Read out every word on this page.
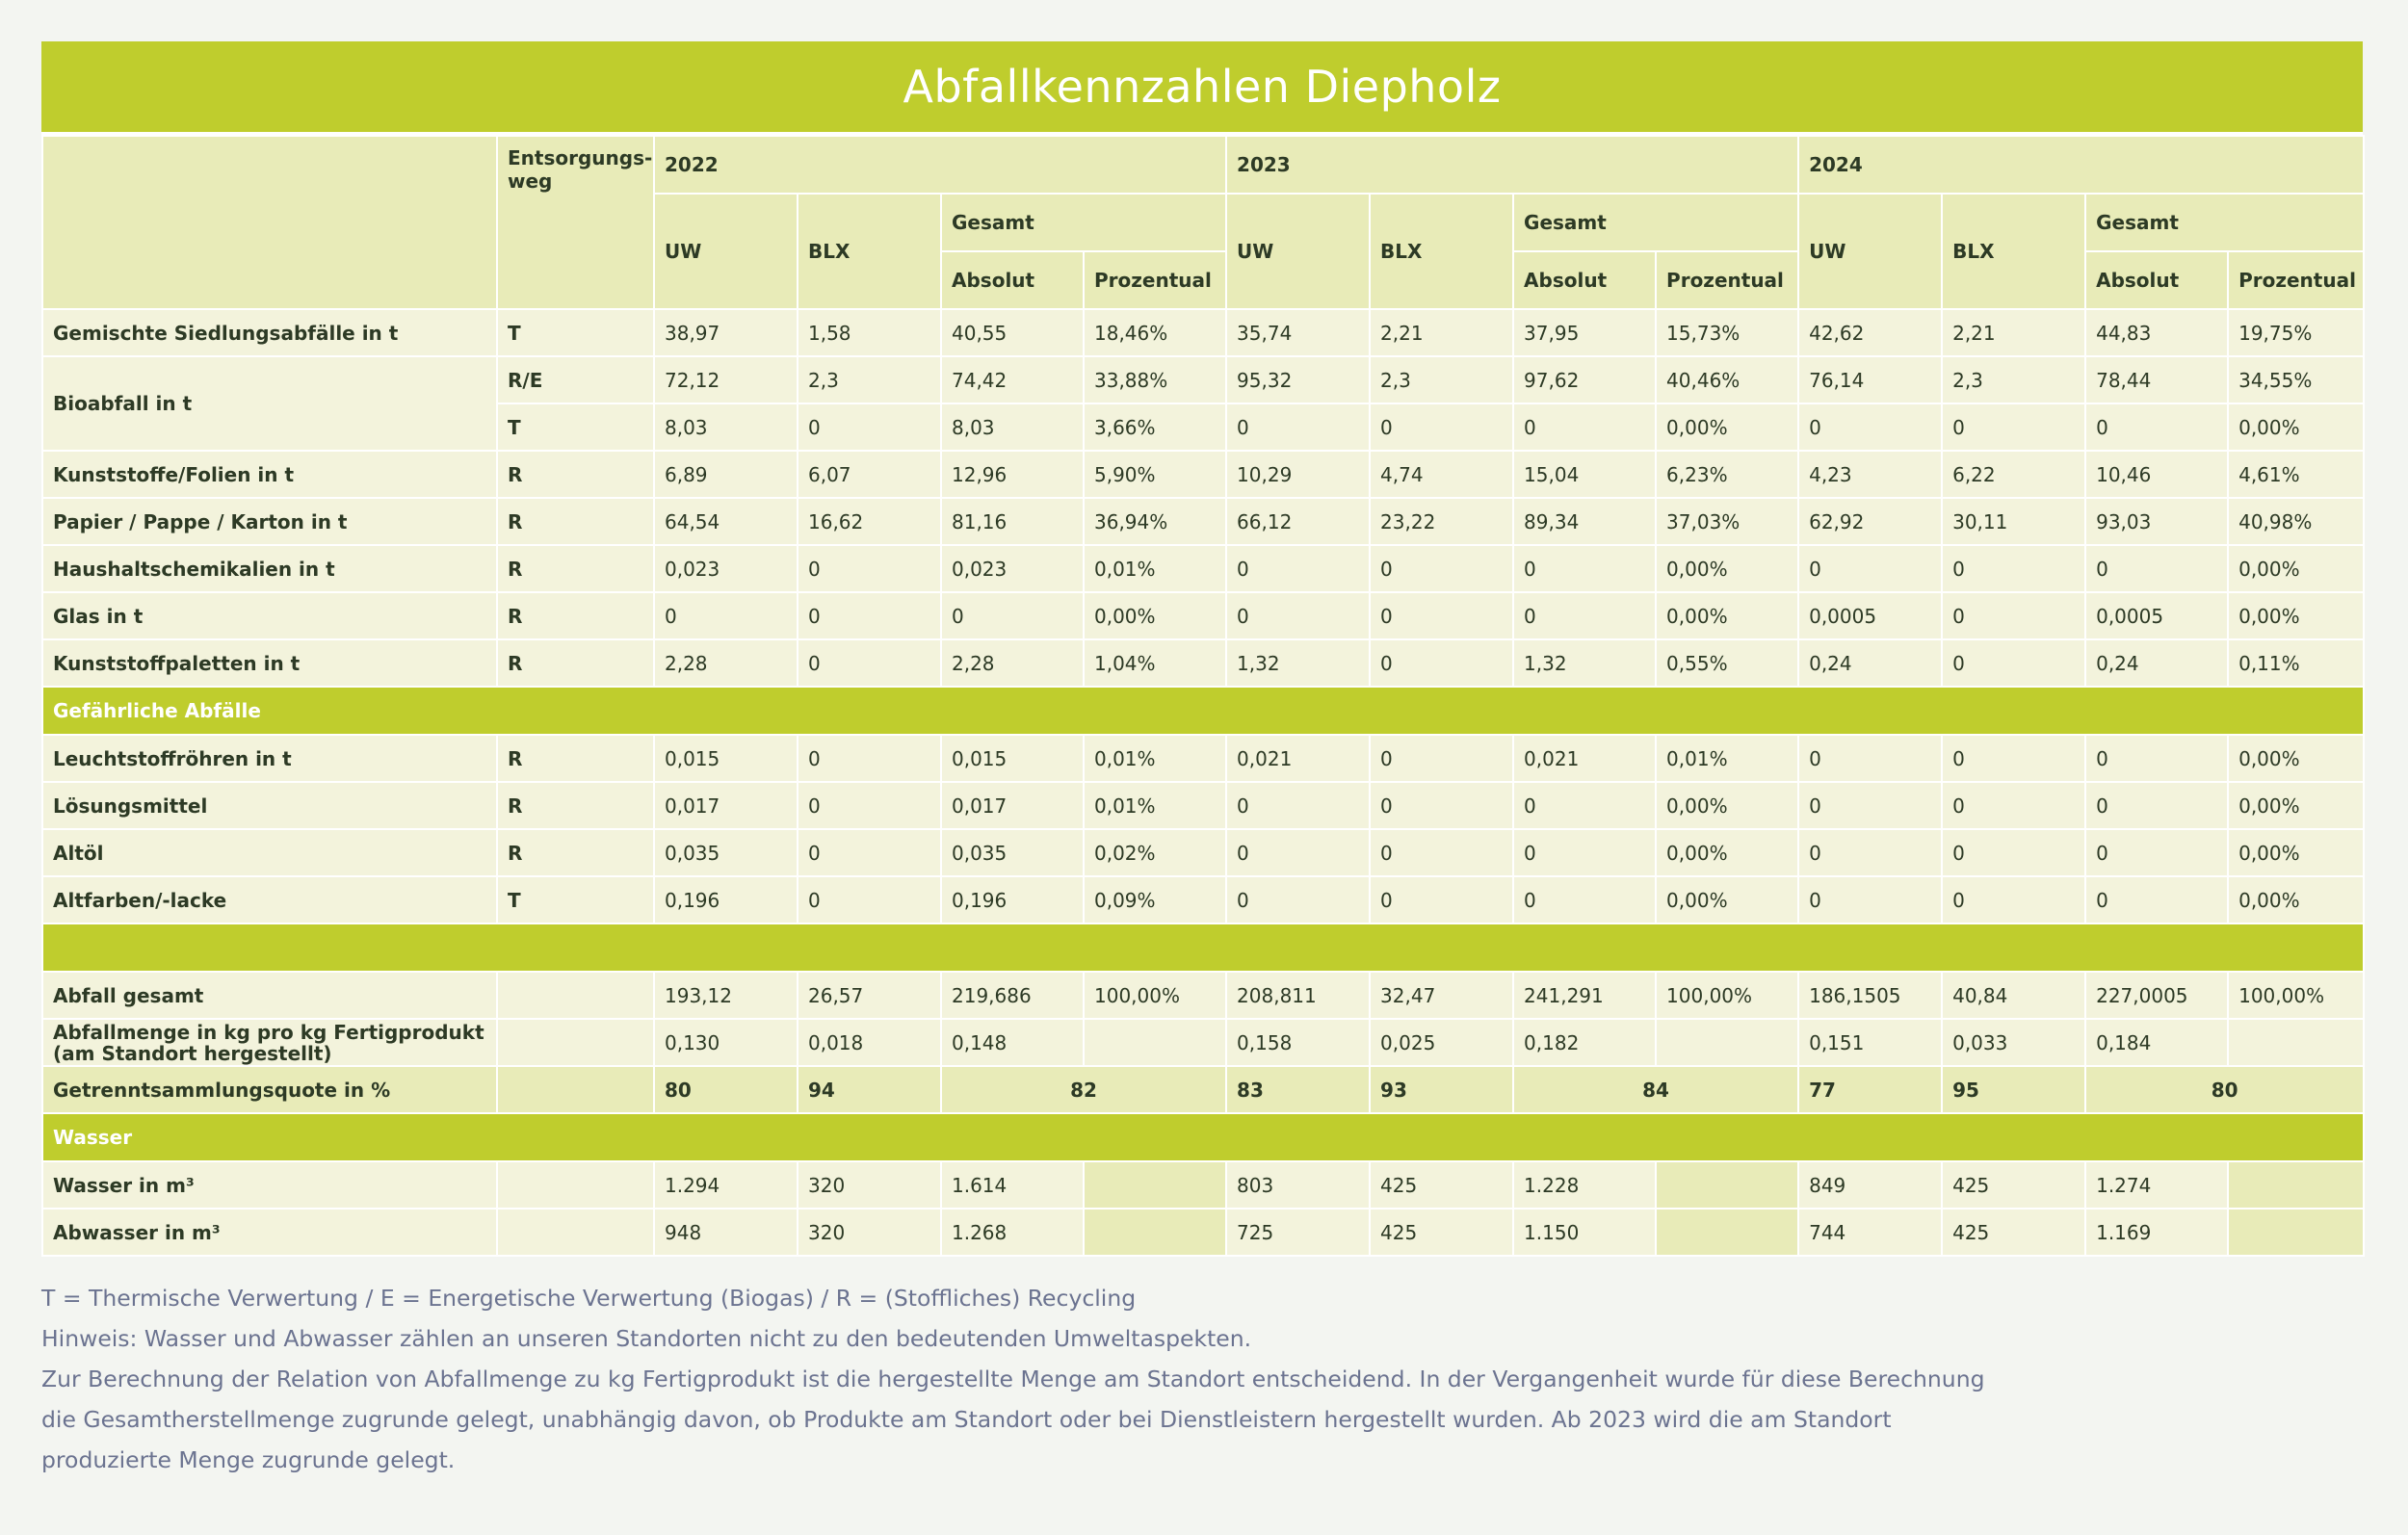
Abfallkennzahlen Diepholz
	Entsorgungs-weg	2022				2023				2024			
		UW	BLX	Gesamt		UW	BLX	Gesamt		UW	BLX	Gesamt	
				Absolut	Prozentual			Absolut	Prozentual			Absolut	Prozentual
Gemischte Siedlungsabfälle in t	T	38,97	1,58	40,55	18,46%	35,74	2,21	37,95	15,73%	42,62	2,21	44,83	19,75%
Bioabfall in t	R/E	72,12	2,3	74,42	33,88%	95,32	2,3	97,62	40,46%	76,14	2,3	78,44	34,55%
	T	8,03	0	8,03	3,66%	0	0	0	0,00%	0	0	0	0,00%
Kunststoffe/Folien in t	R	6,89	6,07	12,96	5,90%	10,29	4,74	15,04	6,23%	4,23	6,22	10,46	4,61%
Papier / Pappe / Karton in t	R	64,54	16,62	81,16	36,94%	66,12	23,22	89,34	37,03%	62,92	30,11	93,03	40,98%
Haushaltschemikalien in t	R	0,023	0	0,023	0,01%	0	0	0	0,00%	0	0	0	0,00%
Glas in t	R	0	0	0	0,00%	0	0	0	0,00%	0,0005	0	0,0005	0,00%
Kunststoffpaletten in t	R	2,28	0	2,28	1,04%	1,32	0	1,32	0,55%	0,24	0	0,24	0,11%
Gefährliche Abfälle													
Leuchtstoffröhren in t	R	0,015	0	0,015	0,01%	0,021	0	0,021	0,01%	0	0	0	0,00%
Lösungsmittel	R	0,017	0	0,017	0,01%	0	0	0	0,00%	0	0	0	0,00%
Altöl	R	0,035	0	0,035	0,02%	0	0	0	0,00%	0	0	0	0,00%
Altfarben/-lacke	T	0,196	0	0,196	0,09%	0	0	0	0,00%	0	0	0	0,00%

Abfall gesamt		193,12	26,57	219,686	100,00%	208,811	32,47	241,291	100,00%	186,1505	40,84	227,0005	100,00%
Abfallmenge in kg pro kg Fertigprodukt
(am Standort hergestellt)		0,130	0,018	0,148		0,158	0,025	0,182		0,151	0,033	0,184	
Getrenntsammlungsquote in %		80	94	82		83	93	84		77	95	80	
Wasser													
Wasser in m³		1.294	320	1.614		803	425	1.228		849	425	1.274	
Abwasser in m³		948	320	1.268		725	425	1.150		744	425	1.169	
T = Thermische Verwertung / E = Energetische Verwertung (Biogas) / R = (Stoffliches) Recycling
Hinweis: Wasser und Abwasser zählen an unseren Standorten nicht zu den bedeutenden Umweltaspekten.
Zur Berechnung der Relation von Abfallmenge zu kg Fertigprodukt ist die hergestellte Menge am Standort entscheidend. In der Vergangenheit wurde für diese Berechnung
die Gesamtherstellmenge zugrunde gelegt, unabhängig davon, ob Produkte am Standort oder bei Dienstleistern hergestellt wurden. Ab 2023 wird die am Standort
produzierte Menge zugrunde gelegt.
